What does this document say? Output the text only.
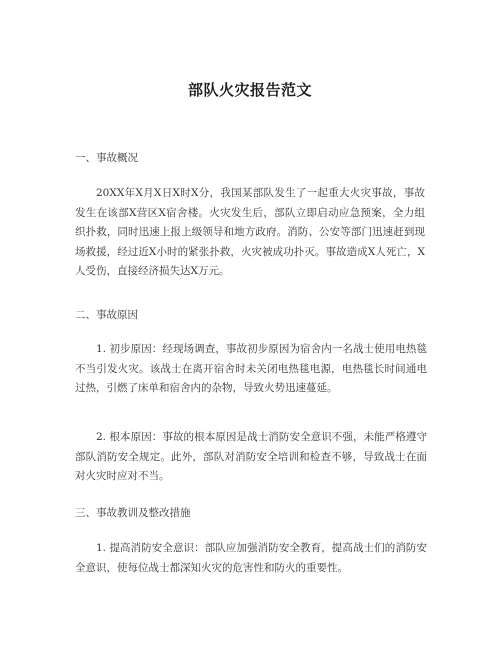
部队火灾报告范文
一、事故概况
20XX年X月X日X时X分，我国某部队发生了一起重大火灾事故，事故发生在该部X营区X宿舍楼。火灾发生后，部队立即启动应急预案，全力组织扑救，同时迅速上报上级领导和地方政府。消防、公安等部门迅速赶到现场救援，经过近X小时的紧张扑救，火灾被成功扑灭。事故造成X人死亡，X人受伤，直接经济损失达X万元。
二、事故原因
1. 初步原因：经现场调查，事故初步原因为宿舍内一名战士使用电热毯不当引发火灾。该战士在离开宿舍时未关闭电热毯电源，电热毯长时间通电过热，引燃了床单和宿舍内的杂物，导致火势迅速蔓延。
2. 根本原因：事故的根本原因是战士消防安全意识不强，未能严格遵守部队消防安全规定。此外，部队对消防安全培训和检查不够，导致战士在面对火灾时应对不当。
三、事故教训及整改措施
1. 提高消防安全意识：部队应加强消防安全教育，提高战士们的消防安全意识，使每位战士都深知火灾的危害性和防火的重要性。
